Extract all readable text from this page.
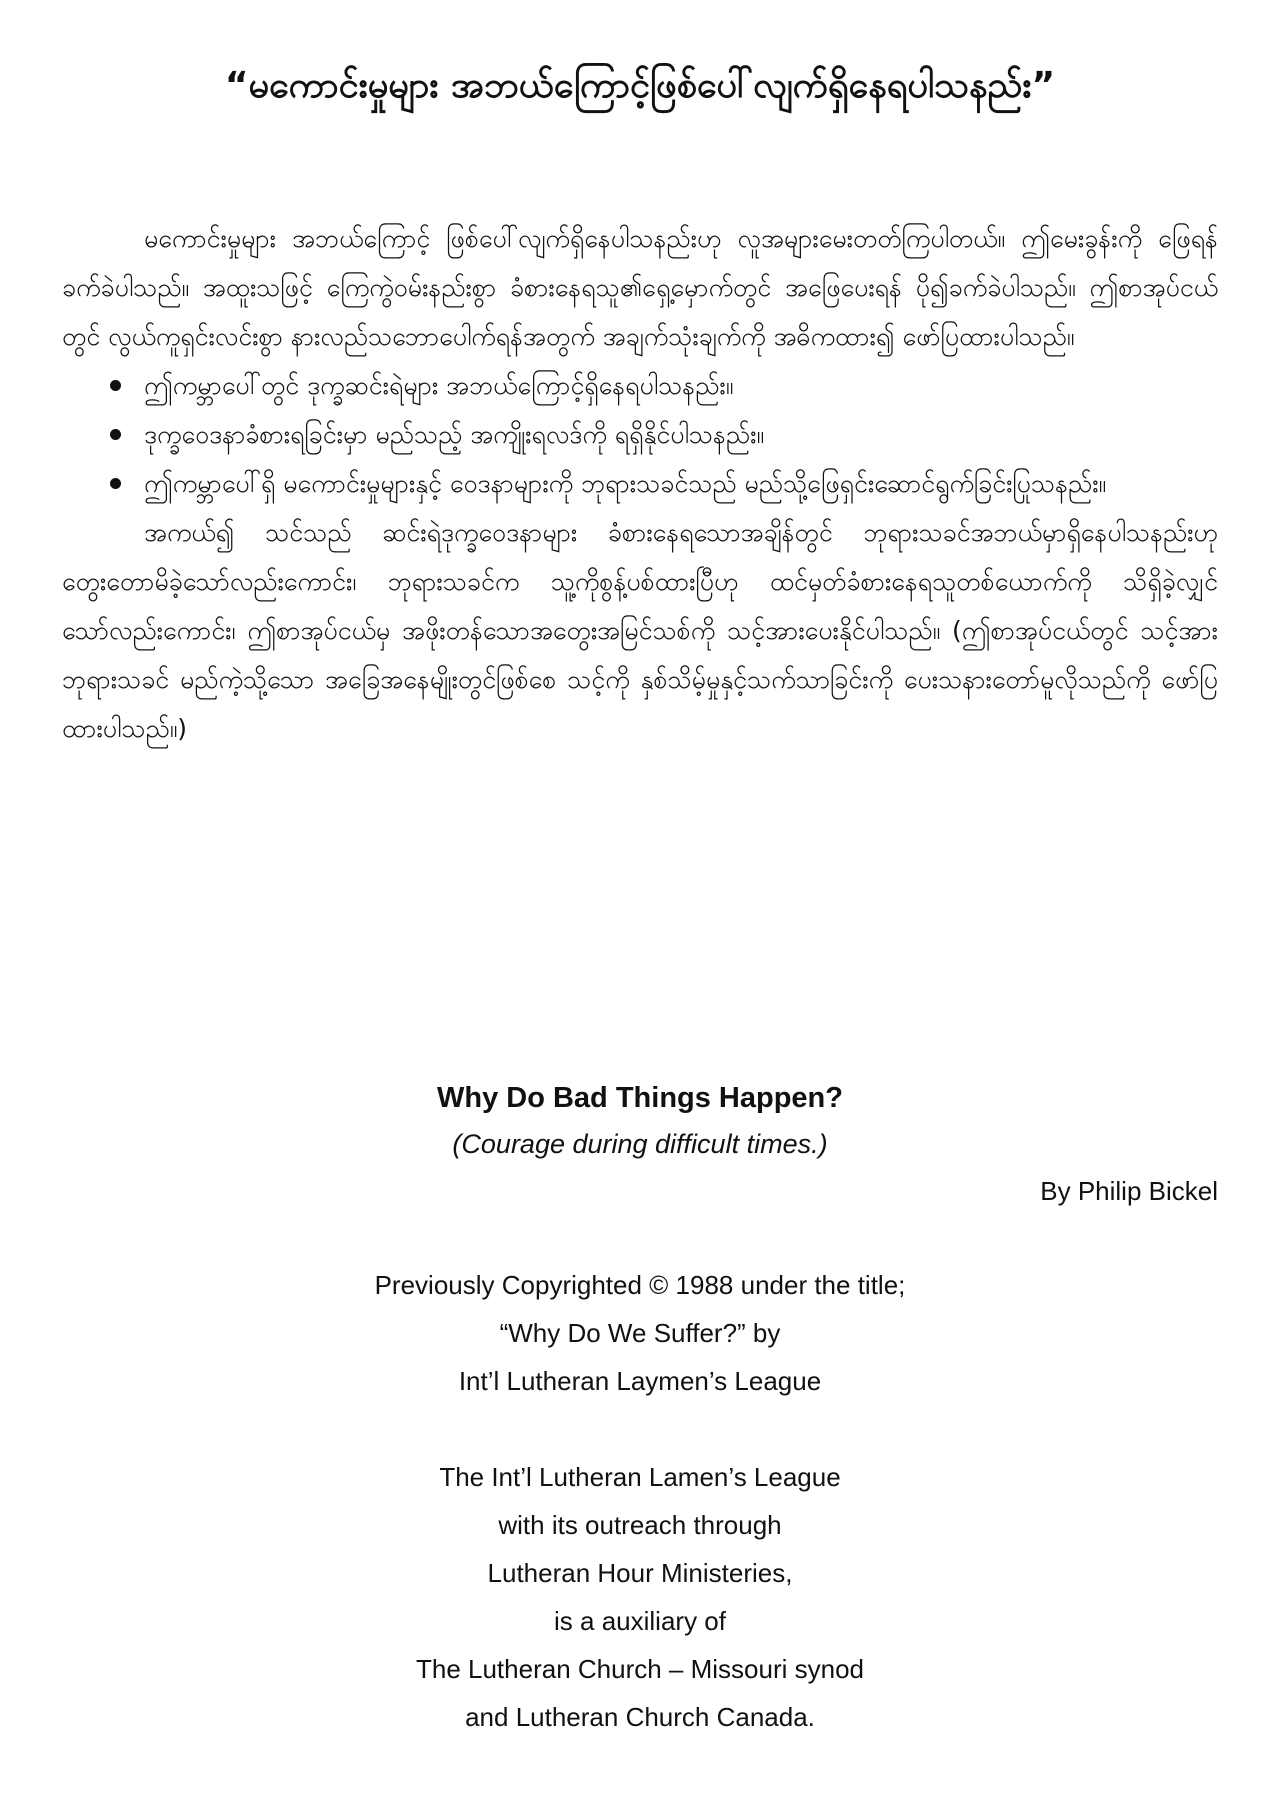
“မကောင်းမှုများ အဘယ်ကြောင့်ဖြစ်ပေါ်လျက်ရှိနေရပါသနည်း”

မကောင်းမှုများ အဘယ်ကြောင့် ဖြစ်ပေါ်လျက်ရှိနေပါသနည်းဟု လူအများမေးတတ်ကြပါတယ်။ ဤမေးခွန်းကို ဖြေရန်ခက်ခဲပါသည်။ အထူးသဖြင့် ကြေကွဲဝမ်းနည်းစွာ ခံစားနေရသူ၏ရှေ့မှောက်တွင် အဖြေပေးရန် ပို၍ခက်ခဲပါသည်။ ဤစာအုပ်ငယ်တွင် လွယ်ကူရှင်းလင်းစွာ နားလည်သဘောပေါက်ရန်အတွက် အချက်သုံးချက်ကို အဓိကထား၍ ဖော်ပြထားပါသည်။

ဤကမ္ဘာပေါ်တွင် ဒုက္ခဆင်းရဲများ အဘယ်ကြောင့်ရှိနေရပါသနည်း။
ဒုက္ခဝေဒနာခံစားရခြင်းမှာ မည်သည့် အကျိုးရလဒ်ကို ရရှိနိုင်ပါသနည်း။
ဤကမ္ဘာပေါ်ရှိ မကောင်းမှုများနှင့် ဝေဒနာများကို ဘုရားသခင်သည် မည်သို့ဖြေရှင်းဆောင်ရွက်ခြင်းပြုသနည်း။

အကယ်၍ သင်သည် ဆင်းရဲဒုက္ခဝေဒနာများ ခံစားနေရသောအချိန်တွင် ဘုရားသခင်အဘယ်မှာရှိနေပါသနည်းဟု တွေးတောမိခဲ့သော်လည်းကောင်း၊ ဘုရားသခင်က သူ့ကိုစွန့်ပစ်ထားပြီဟု ထင်မှတ်ခံစားနေရသူတစ်ယောက်ကို သိရှိခဲ့လျှင်သော်လည်းကောင်း၊ ဤစာအုပ်ငယ်မှ အဖိုးတန်သောအတွေးအမြင်သစ်ကို သင့်အားပေးနိုင်ပါသည်။ (ဤစာအုပ်ငယ်တွင် သင့်အား ဘုရားသခင် မည်ကဲ့သို့သော အခြေအနေမျိုးတွင်ဖြစ်စေ သင့်ကို နှစ်သိမ့်မှုနှင့်သက်သာခြင်းကို ပေးသနားတော်မူလိုသည်ကို ဖော်ပြထားပါသည်။)

Why Do Bad Things Happen?

(Courage during difficult times.)

By Philip Bickel

Previously Copyrighted © 1988 under the title;
“Why Do We Suffer?” by
Int’l Lutheran Laymen’s League
The Int’l Lutheran Lamen’s League
with its outreach through
Lutheran Hour Ministeries,
is a auxiliary of
The Lutheran Church – Missouri synod
and Lutheran Church Canada.
